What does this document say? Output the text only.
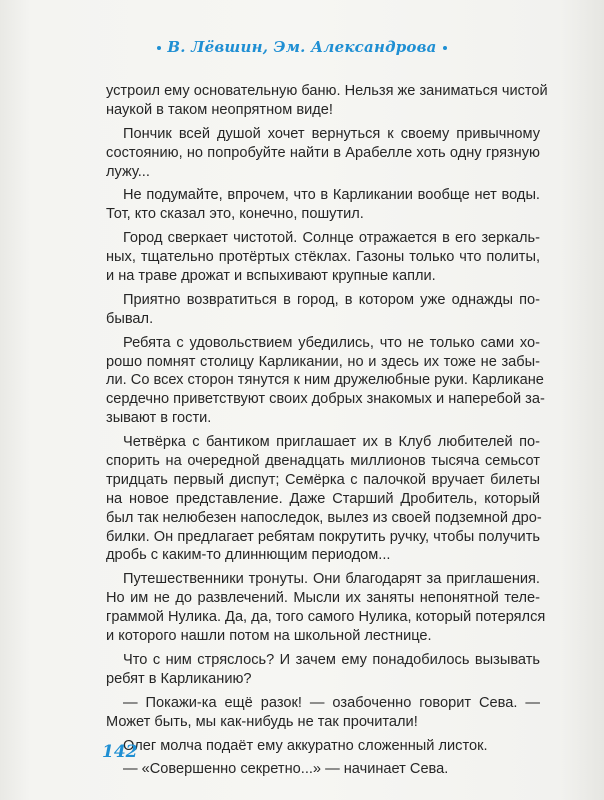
В. Лёвшин, Эм. Александрова
устроил ему основательную баню. Нельзя же заниматься чистой
наукой в таком неопрятном виде!
Пончик всей душой хочет вернуться к своему привычному
состоянию, но попробуйте найти в Арабелле хоть одну грязную
лужу...
Не подумайте, впрочем, что в Карликании вообще нет воды.
Тот, кто сказал это, конечно, пошутил.
Город сверкает чистотой. Солнце отражается в его зеркаль-
ных, тщательно протёртых стёклах. Газоны только что политы,
и на траве дрожат и вспыхивают крупные капли.
Приятно возвратиться в город, в котором уже однажды по-
бывал.
Ребята с удовольствием убедились, что не только сами хо-
рошо помнят столицу Карликании, но и здесь их тоже не забы-
ли. Со всех сторон тянутся к ним дружелюбные руки. Карликане
сердечно приветствуют своих добрых знакомых и наперебой за-
зывают в гости.
Четвёрка с бантиком приглашает их в Клуб любителей по-
спорить на очередной двенадцать миллионов тысяча семьсот
тридцать первый диспут; Семёрка с палочкой вручает билеты
на новое представление. Даже Старший Дробитель, который
был так нелюбезен напоследок, вылез из своей подземной дро-
билки. Он предлагает ребятам покрутить ручку, чтобы получить
дробь с каким-то длиннющим периодом...
Путешественники тронуты. Они благодарят за приглашения.
Но им не до развлечений. Мысли их заняты непонятной теле-
граммой Нулика. Да, да, того самого Нулика, который потерялся
и которого нашли потом на школьной лестнице.
Что с ним стряслось? И зачем ему понадобилось вызывать
ребят в Карликанию?
— Покажи-ка ещё разок! — озабоченно говорит Сева. —
Может быть, мы как-нибудь не так прочитали!
Олег молча подаёт ему аккуратно сложенный листок.
— «Совершенно секретно...» — начинает Сева.
142
